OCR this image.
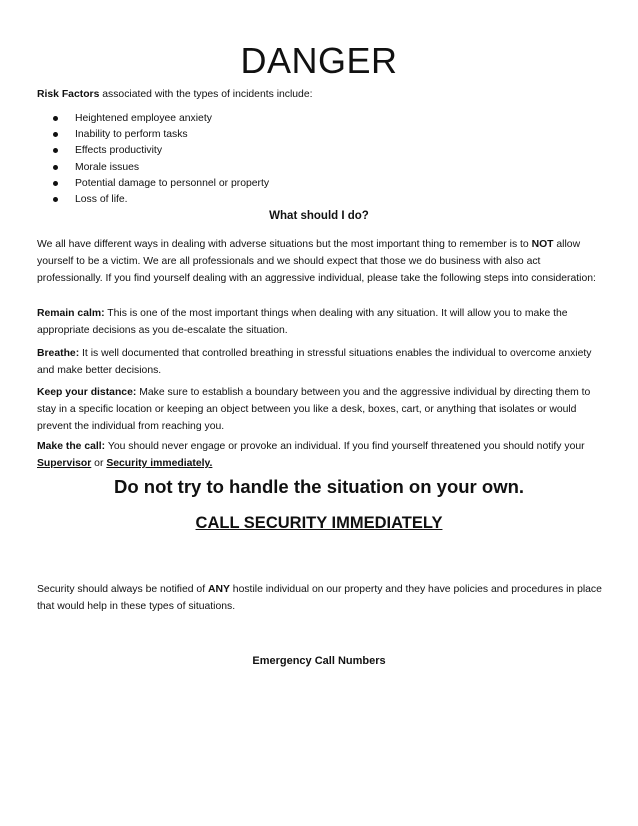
DANGER
Risk Factors associated with the types of incidents include:
Heightened employee anxiety
Inability to perform tasks
Effects productivity
Morale issues
Potential damage to personnel or property
Loss of life.
What should I do?
We all have different ways in dealing with adverse situations but the most important thing to remember is to NOT allow yourself to be a victim. We are all professionals and we should expect that those we do business with also act professionally. If you find yourself dealing with an aggressive individual, please take the following steps into consideration:
Remain calm: This is one of the most important things when dealing with any situation. It will allow you to make the appropriate decisions as you de-escalate the situation.
Breathe: It is well documented that controlled breathing in stressful situations enables the individual to overcome anxiety and make better decisions.
Keep your distance: Make sure to establish a boundary between you and the aggressive individual by directing them to stay in a specific location or keeping an object between you like a desk, boxes, cart, or anything that isolates or would prevent the individual from reaching you.
Make the call: You should never engage or provoke an individual. If you find yourself threatened you should notify your Supervisor or Security immediately.
Do not try to handle the situation on your own.
CALL SECURITY IMMEDIATELY
Security should always be notified of ANY hostile individual on our property and they have policies and procedures in place that would help in these types of situations.
Emergency Call Numbers
